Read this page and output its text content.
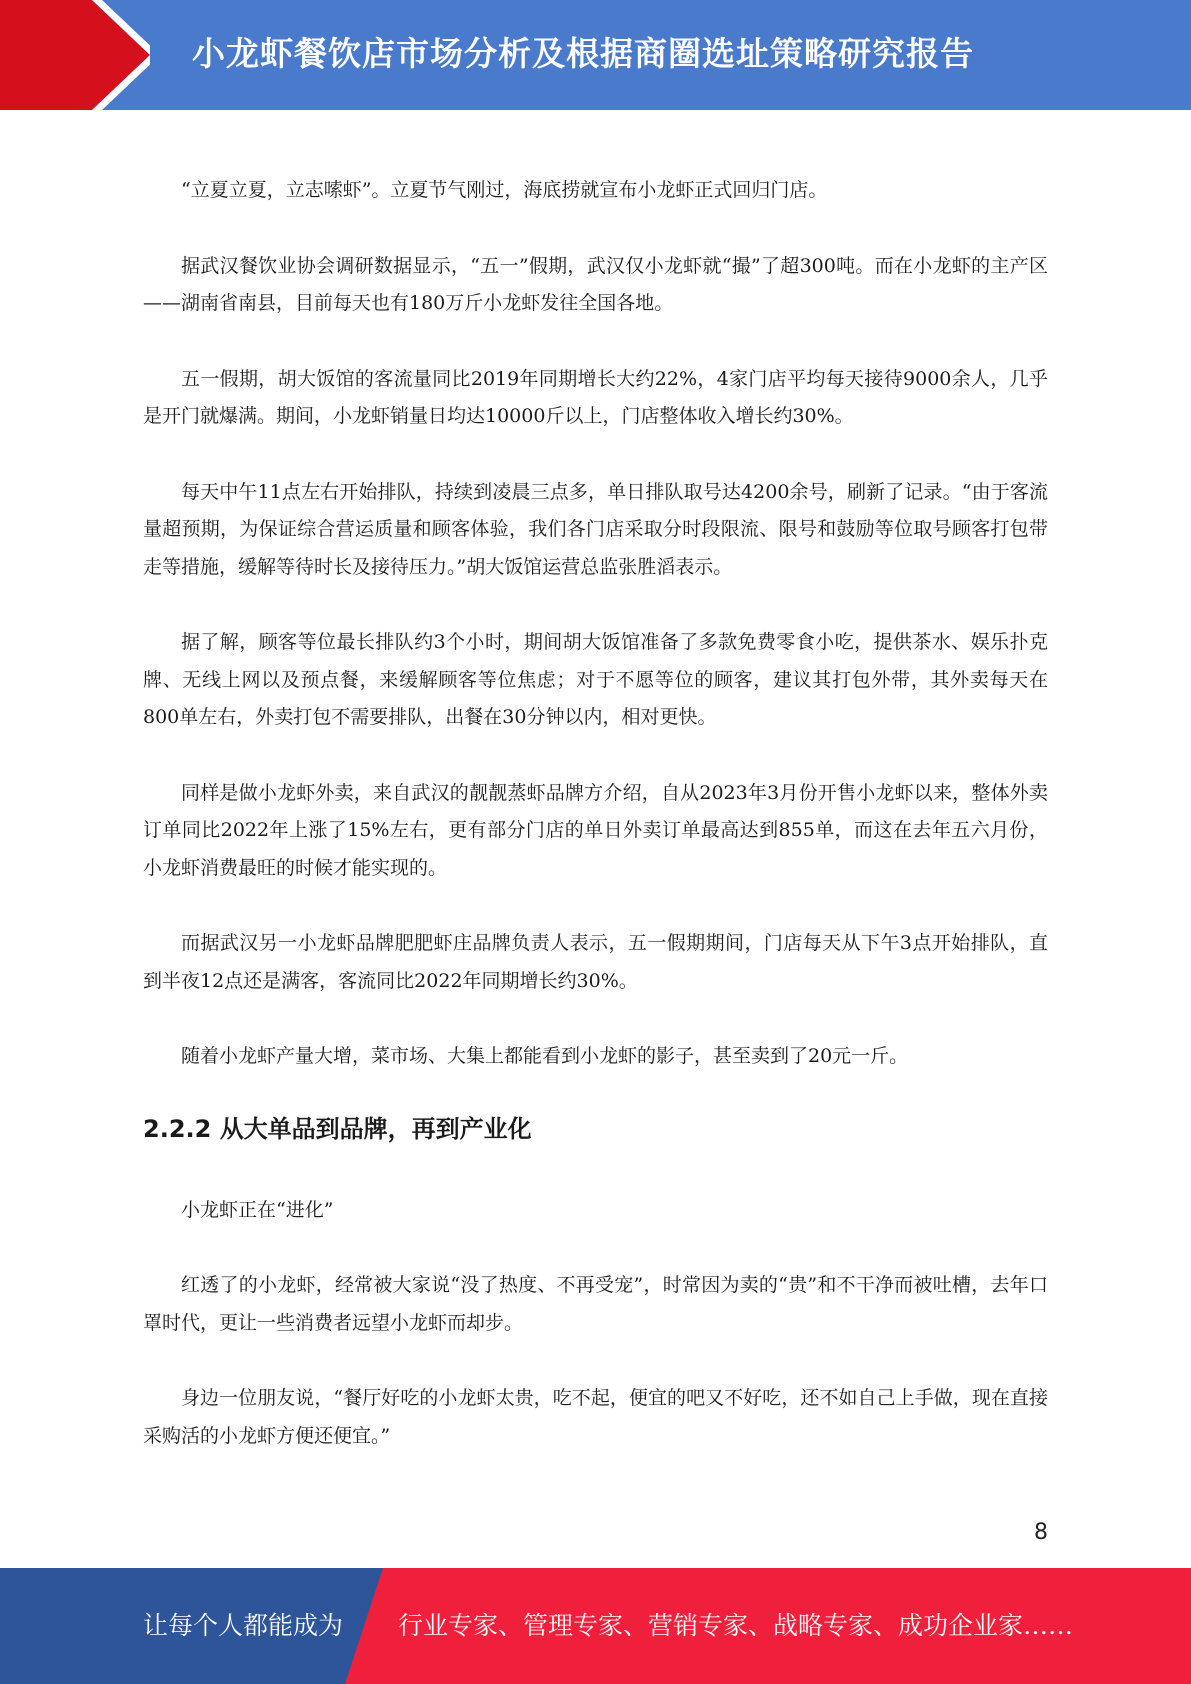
小龙虾餐饮店市场分析及根据商圈选址策略研究报告

“立夏立夏，立志嗦虾”。立夏节气刚过，海底捞就宣布小龙虾正式回归门店。

据武汉餐饮业协会调研数据显示，“五一”假期，武汉仅小龙虾就“撮”了超300吨。而在小龙虾的主产区——湖南省南县，目前每天也有180万斤小龙虾发往全国各地。

五一假期，胡大饭馆的客流量同比2019年同期增长大约22%，4家门店平均每天接待9000余人，几乎是开门就爆满。期间，小龙虾销量日均达10000斤以上，门店整体收入增长约30%。

每天中午11点左右开始排队，持续到凌晨三点多，单日排队取号达4200余号，刷新了记录。“由于客流量超预期，为保证综合营运质量和顾客体验，我们各门店采取分时段限流、限号和鼓励等位取号顾客打包带走等措施，缓解等待时长及接待压力。”胡大饭馆运营总监张胜滔表示。

据了解，顾客等位最长排队约3个小时，期间胡大饭馆准备了多款免费零食小吃，提供茶水、娱乐扑克牌、无线上网以及预点餐，来缓解顾客等位焦虑；对于不愿等位的顾客，建议其打包外带，其外卖每天在800单左右，外卖打包不需要排队，出餐在30分钟以内，相对更快。

同样是做小龙虾外卖，来自武汉的靓靓蒸虾品牌方介绍，自从2023年3月份开售小龙虾以来，整体外卖订单同比2022年上涨了15%左右，更有部分门店的单日外卖订单最高达到855单，而这在去年五六月份，小龙虾消费最旺的时候才能实现的。

而据武汉另一小龙虾品牌肥肥虾庄品牌负责人表示，五一假期期间，门店每天从下午3点开始排队，直到半夜12点还是满客，客流同比2022年同期增长约30%。

随着小龙虾产量大增，菜市场、大集上都能看到小龙虾的影子，甚至卖到了20元一斤。

2.2.2 从大单品到品牌，再到产业化

小龙虾正在“进化”

红透了的小龙虾，经常被大家说“没了热度、不再受宠”，时常因为卖的“贵”和不干净而被吐槽，去年口罩时代，更让一些消费者远望小龙虾而却步。

身边一位朋友说，“餐厅好吃的小龙虾太贵，吃不起，便宜的吧又不好吃，还不如自己上手做，现在直接采购活的小龙虾方便还便宜。”

8
让每个人都能成为 行业专家、管理专家、营销专家、战略专家、成功企业家……
